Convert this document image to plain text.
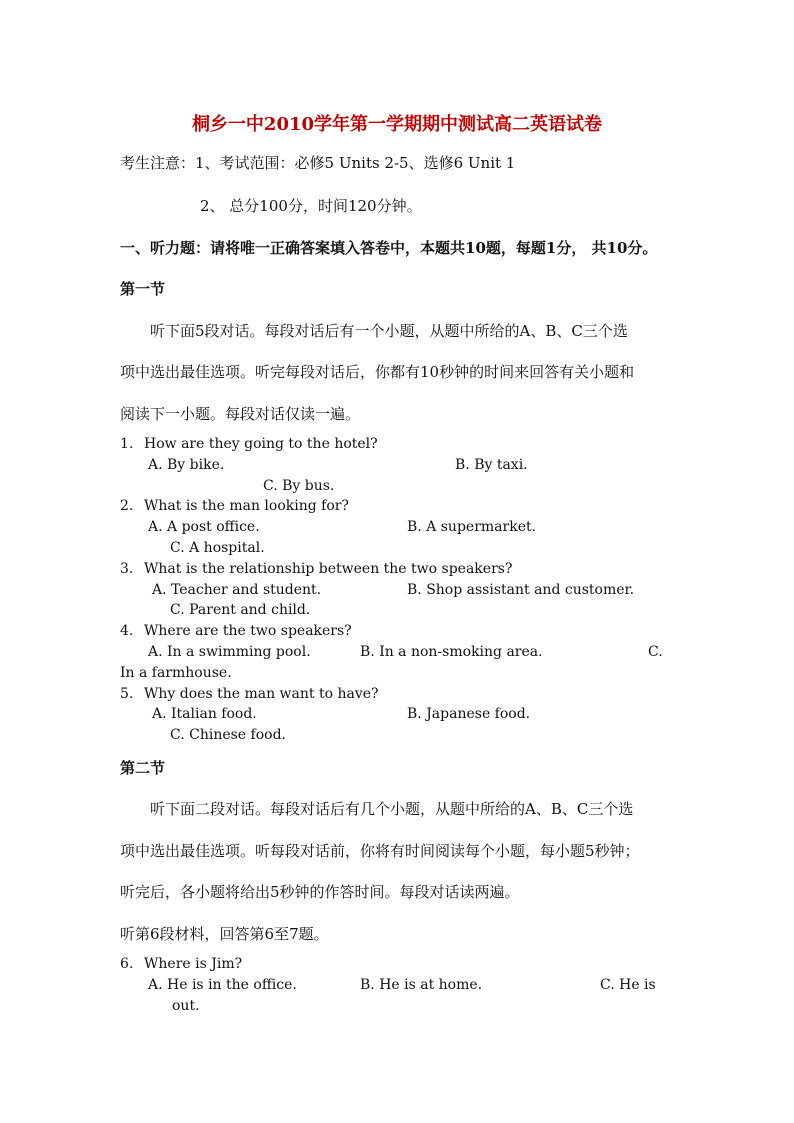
桐乡一中2010学年第一学期期中测试高二英语试卷
考生注意：1、考试范围：必修5 Units 2-5、选修6 Unit 1
2、 总分100分，时间120分钟。
一、听力题：请将唯一正确答案填入答卷中，本题共10题，每题1分， 共10分。
第一节
听下面5段对话。每段对话后有一个小题，从题中所给的A、B、C三个选
项中选出最佳选项。听完每段对话后，你都有10秒钟的时间来回答有关小题和
阅读下一小题。每段对话仅读一遍。
1. How are they going to the hotel?
A. By bike.	B. By taxi.
C. By bus.
2. What is the man looking for?
A. A post office.	B. A supermarket.
C. A hospital.
3. What is the relationship between the two speakers?
A. Teacher and student.	B. Shop assistant and customer.
C. Parent and child.
4. Where are the two speakers?
A. In a swimming pool.	B. In a non-smoking area.	C.
In a farmhouse.
5. Why does the man want to have?
A. Italian food.	B. Japanese food.
C. Chinese food.
第二节
听下面二段对话。每段对话后有几个小题，从题中所给的A、B、C三个选
项中选出最佳选项。听每段对话前，你将有时间阅读每个小题，每小题5秒钟；
听完后，各小题将给出5秒钟的作答时间。每段对话读两遍。
听第6段材料，回答第6至7题。
6. Where is Jim?
A. He is in the office.	B. He is at home.	C. He is
out.
